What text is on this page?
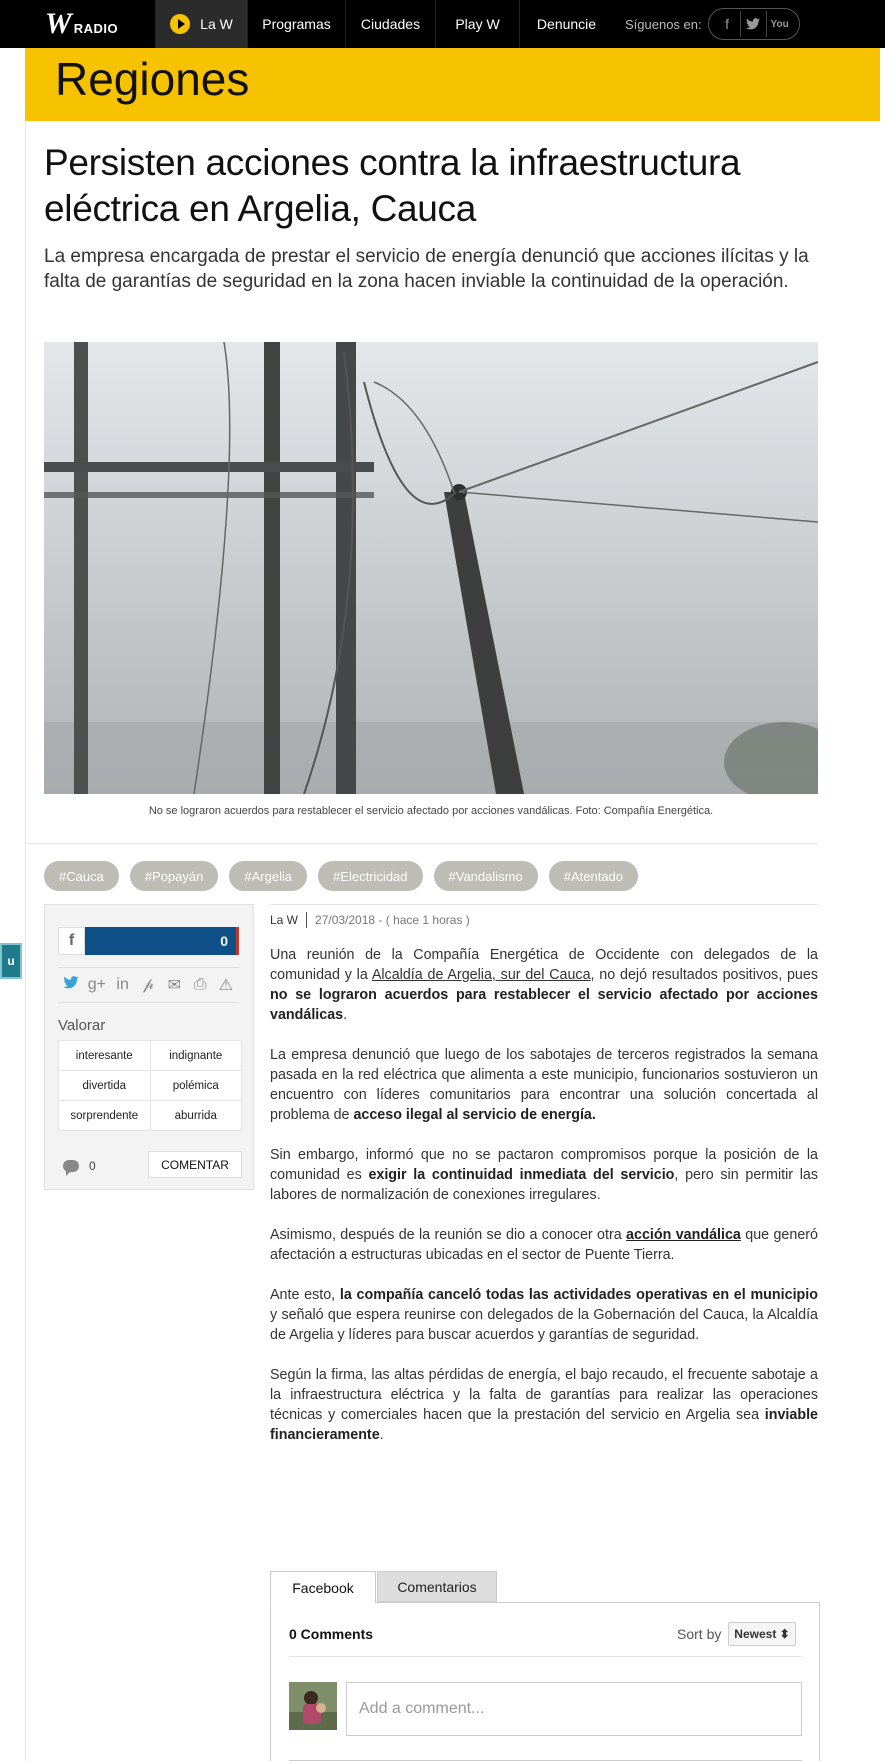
W RADIO	La W Programas Ciudades	Play W	Denuncie Síguenos en:	f	You
Regiones
Persisten acciones contra la infraestructura eléctrica en Argelia, Cauca

La empresa encargada de prestar el servicio de energía denunció que acciones ilícitas y la falta de garantías de seguridad en la zona hacen inviable la continuidad de la operación.

No se lograron acuerdos para restablecer el servicio afectado por acciones vandálicas. Foto: Compañía Energética.
#Cauca	#Popayán	#Argelia	#Electricidad	#Vandalismo	#Atentado
u
f	0
g+ in 𝓅 ✉ ⎙ ⚠
Valorar
interesante	indignante
divertida	polémica
sorprendente	aburrida
0	COMENTAR
La W 27/03/2018 - ( hace 1 horas )

Una reunión de la Compañía Energética de Occidente con delegados de la comunidad y la Alcaldía de Argelia, sur del Cauca, no dejó resultados positivos, pues no se lograron acuerdos para restablecer el servicio afectado por acciones vandálicas.

La empresa denunció que luego de los sabotajes de terceros registrados la semana pasada en la red eléctrica que alimenta a este municipio, funcionarios sostuvieron un encuentro con líderes comunitarios para encontrar una solución concertada al problema de acceso ilegal al servicio de energía.

Sin embargo, informó que no se pactaron compromisos porque la posición de la comunidad es exigir la continuidad inmediata del servicio, pero sin permitir las labores de normalización de conexiones irregulares.

Asimismo, después de la reunión se dio a conocer otra acción vandálica que generó afectación a estructuras ubicadas en el sector de Puente Tierra.

Ante esto, la compañía canceló todas las actividades operativas en el municipio y señaló que espera reunirse con delegados de la Gobernación del Cauca, la Alcaldía de Argelia y líderes para buscar acuerdos y garantías de seguridad.

Según la firma, las altas pérdidas de energía, el bajo recaudo, el frecuente sabotaje a la infraestructura eléctrica y la falta de garantías para realizar las operaciones técnicas y comerciales hacen que la prestación del servicio en Argelia sea inviable financieramente.

Facebook	Comentarios
0 Comments	Sort by	Newest ⬍
Add a comment...
